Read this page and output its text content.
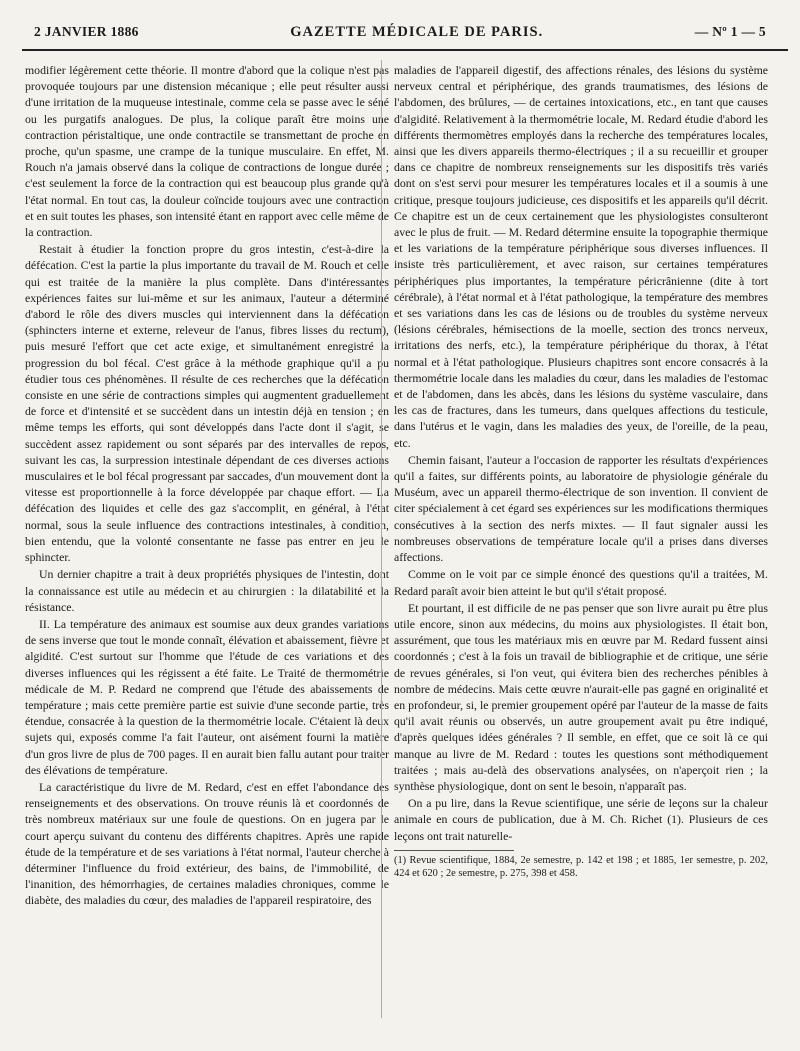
2 JANVIER 1886	GAZETTE MÉDICALE DE PARIS.	— Nº 1 — 5

modifier légèrement cette théorie. Il montre d'abord que la colique n'est pas provoquée toujours par une distension mécanique ; elle peut résulter aussi d'une irritation de la muqueuse intestinale, comme cela se passe avec le séné ou les purgatifs analogues. De plus, la colique paraît être moins une contraction péristaltique, une onde contractile se transmettant de proche en proche, qu'un spasme, une crampe de la tunique musculaire. En effet, M. Rouch n'a jamais observé dans la colique de contractions de longue durée ; c'est seulement la force de la contraction qui est beaucoup plus grande qu'à l'état normal. En tout cas, la douleur coïncide toujours avec une contraction et en suit toutes les phases, son intensité étant en rapport avec celle même de la contraction.

Restait à étudier la fonction propre du gros intestin, c'est-à-dire la défécation. C'est la partie la plus importante du travail de M. Rouch et celle qui est traitée de la manière la plus complète. Dans d'intéressantes expériences faites sur lui-même et sur les animaux, l'auteur a déterminé d'abord le rôle des divers muscles qui interviennent dans la défécation (sphincters interne et externe, releveur de l'anus, fibres lisses du rectum), puis mesuré l'effort que cet acte exige, et simultanément enregistré la progression du bol fécal. C'est grâce à la méthode graphique qu'il a pu étudier tous ces phénomènes. Il résulte de ces recherches que la défécation consiste en une série de contractions simples qui augmentent graduellement de force et d'intensité et se succèdent dans un intestin déjà en tension ; en même temps les efforts, qui sont développés dans l'acte dont il s'agit, se succèdent assez rapidement ou sont séparés par des intervalles de repos, suivant les cas, la surpression intestinale dépendant de ces diverses actions musculaires et le bol fécal progressant par saccades, d'un mouvement dont la vitesse est proportionnelle à la force développée par chaque effort. — La défécation des liquides et celle des gaz s'accomplit, en général, à l'état normal, sous la seule influence des contractions intestinales, à condition, bien entendu, que la volonté consentante ne fasse pas entrer en jeu le sphincter.

Un dernier chapitre a trait à deux propriétés physiques de l'intestin, dont la connaissance est utile au médecin et au chirurgien : la dilatabilité et la résistance.

II. La température des animaux est soumise aux deux grandes variations de sens inverse que tout le monde connaît, élévation et abaissement, fièvre et algidité. C'est surtout sur l'homme que l'étude de ces variations et des diverses influences qui les régissent a été faite. Le Traité de thermométrie médicale de M. P. Redard ne comprend que l'étude des abaissements de température ; mais cette première partie est suivie d'une seconde partie, très étendue, consacrée à la question de la thermométrie locale. C'étaient là deux sujets qui, exposés comme l'a fait l'auteur, ont aisément fourni la matière d'un gros livre de plus de 700 pages. Il en aurait bien fallu autant pour traiter des élévations de température.

La caractéristique du livre de M. Redard, c'est en effet l'abondance des renseignements et des observations. On trouve réunis là et coordonnés de très nombreux matériaux sur une foule de questions. On en jugera par le court aperçu suivant du contenu des différents chapitres. Après une rapide étude de la température et de ses variations à l'état normal, l'auteur cherche à déterminer l'influence du froid extérieur, des bains, de l'immobilité, de l'inanition, des hémorrhagies, de certaines maladies chroniques, comme le diabète, des maladies du cœur, des maladies de l'appareil respiratoire, des

maladies de l'appareil digestif, des affections rénales, des lésions du système nerveux central et périphérique, des grands traumatismes, des lésions de l'abdomen, des brûlures, — de certaines intoxications, etc., en tant que causes d'algidité. Relativement à la thermométrie locale, M. Redard étudie d'abord les différents thermomètres employés dans la recherche des températures locales, ainsi que les divers appareils thermo-électriques ; il a su recueillir et grouper dans ce chapitre de nombreux renseignements sur les dispositifs très variés dont on s'est servi pour mesurer les températures locales et il a soumis à une critique, presque toujours judicieuse, ces dispositifs et les appareils qu'il décrit. Ce chapitre est un de ceux certainement que les physiologistes consulteront avec le plus de fruit. — M. Redard détermine ensuite la topographie thermique et les variations de la température périphérique sous diverses influences. Il insiste très particulièrement, et avec raison, sur certaines températures périphériques plus importantes, la température péricrânienne (dite à tort cérébrale), à l'état normal et à l'état pathologique, la température des membres et ses variations dans les cas de lésions ou de troubles du système nerveux (lésions cérébrales, hémisections de la moelle, section des troncs nerveux, irritations des nerfs, etc.), la température périphérique du thorax, à l'état normal et à l'état pathologique. Plusieurs chapitres sont encore consacrés à la thermométrie locale dans les maladies du cœur, dans les maladies de l'estomac et de l'abdomen, dans les abcès, dans les lésions du système vasculaire, dans les cas de fractures, dans les tumeurs, dans quelques affections du testicule, dans l'utérus et le vagin, dans les maladies des yeux, de l'oreille, de la peau, etc.

Chemin faisant, l'auteur a l'occasion de rapporter les résultats d'expériences qu'il a faites, sur différents points, au laboratoire de physiologie générale du Muséum, avec un appareil thermo-électrique de son invention. Il convient de citer spécialement à cet égard ses expériences sur les modifications thermiques consécutives à la section des nerfs mixtes. — Il faut signaler aussi les nombreuses observations de température locale qu'il a prises dans diverses affections.

Comme on le voit par ce simple énoncé des questions qu'il a traitées, M. Redard paraît avoir bien atteint le but qu'il s'était proposé.

Et pourtant, il est difficile de ne pas penser que son livre aurait pu être plus utile encore, sinon aux médecins, du moins aux physiologistes. Il était bon, assurément, que tous les matériaux mis en œuvre par M. Redard fussent ainsi coordonnés ; c'est à la fois un travail de bibliographie et de critique, une série de revues générales, si l'on veut, qui évitera bien des recherches pénibles à nombre de médecins. Mais cette œuvre n'aurait-elle pas gagné en originalité et en profondeur, si, le premier groupement opéré par l'auteur de la masse de faits qu'il avait réunis ou observés, un autre groupement avait pu être indiqué, d'après quelques idées générales ? Il semble, en effet, que ce soit là ce qui manque au livre de M. Redard : toutes les questions sont méthodiquement traitées ; mais au-delà des observations analysées, on n'aperçoit rien ; la synthèse physiologique, dont on sent le besoin, n'apparaît pas.

On a pu lire, dans la Revue scientifique, une série de leçons sur la chaleur animale en cours de publication, due à M. Ch. Richet (1). Plusieurs de ces leçons ont trait naturelle-

(1) Revue scientifique, 1884, 2e semestre, p. 142 et 198 ; et 1885, 1er semestre, p. 202, 424 et 620 ; 2e semestre, p. 275, 398 et 458.
